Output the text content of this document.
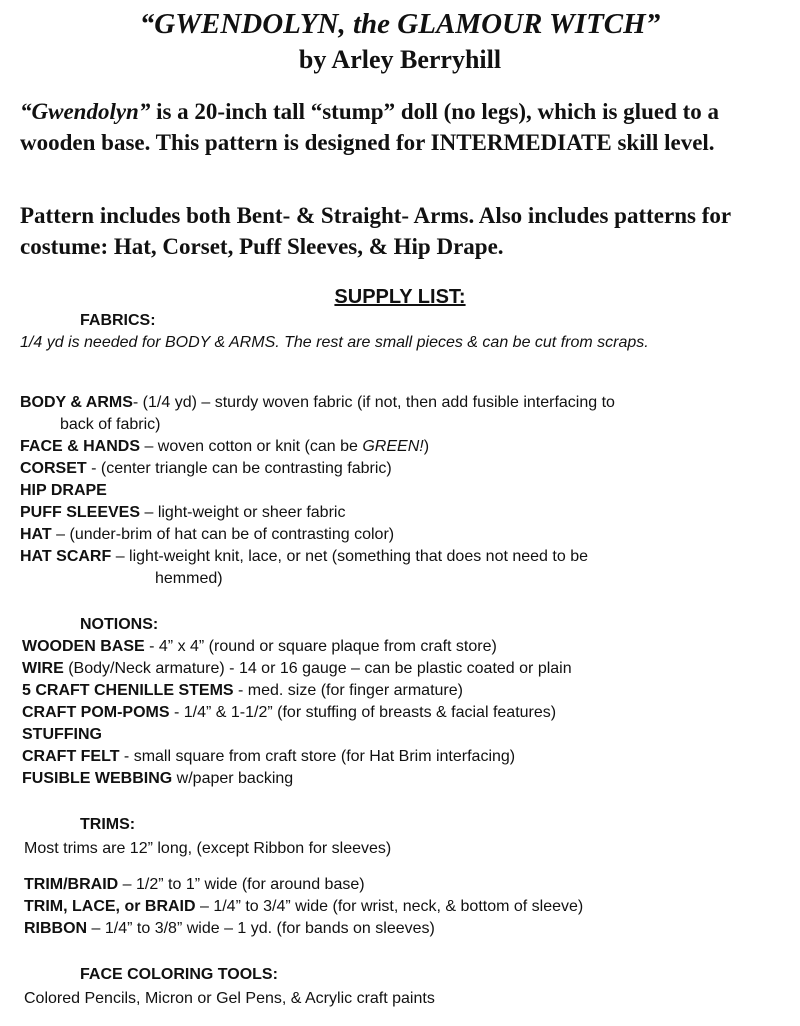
“GWENDOLYN, the GLAMOUR WITCH”
by Arley Berryhill
“Gwendolyn” is a 20-inch tall “stump” doll (no legs), which is glued to a wooden base. This pattern is designed for INTERMEDIATE skill level.
Pattern includes both Bent- & Straight- Arms. Also includes patterns for costume: Hat, Corset, Puff Sleeves, & Hip Drape.
SUPPLY LIST:
FABRICS:
1/4 yd is needed for BODY & ARMS. The rest are small pieces & can be cut from scraps.
BODY & ARMS- (1/4 yd) – sturdy woven fabric (if not, then add fusible interfacing to
back of fabric)
FACE & HANDS – woven cotton or knit (can be GREEN!)
CORSET - (center triangle can be contrasting fabric)
HIP DRAPE
PUFF SLEEVES – light-weight or sheer fabric
HAT – (under-brim of hat can be of contrasting color)
HAT SCARF – light-weight knit, lace, or net (something that does not need to be
hemmed)
NOTIONS:
WOODEN BASE - 4” x 4” (round or square plaque from craft store)
WIRE (Body/Neck armature) - 14 or 16 gauge – can be plastic coated or plain
5 CRAFT CHENILLE STEMS - med. size (for finger armature)
CRAFT POM-POMS - 1/4” & 1-1/2” (for stuffing of breasts & facial features)
STUFFING
CRAFT FELT - small square from craft store (for Hat Brim interfacing)
FUSIBLE WEBBING w/paper backing
TRIMS:
Most trims are 12” long, (except Ribbon for sleeves)
TRIM/BRAID – 1/2” to 1” wide (for around base)
TRIM, LACE, or BRAID – 1/4” to 3/4” wide (for wrist, neck, & bottom of sleeve)
RIBBON – 1/4” to 3/8” wide – 1 yd. (for bands on sleeves)
FACE COLORING TOOLS:
Colored Pencils, Micron or Gel Pens, & Acrylic craft paints
